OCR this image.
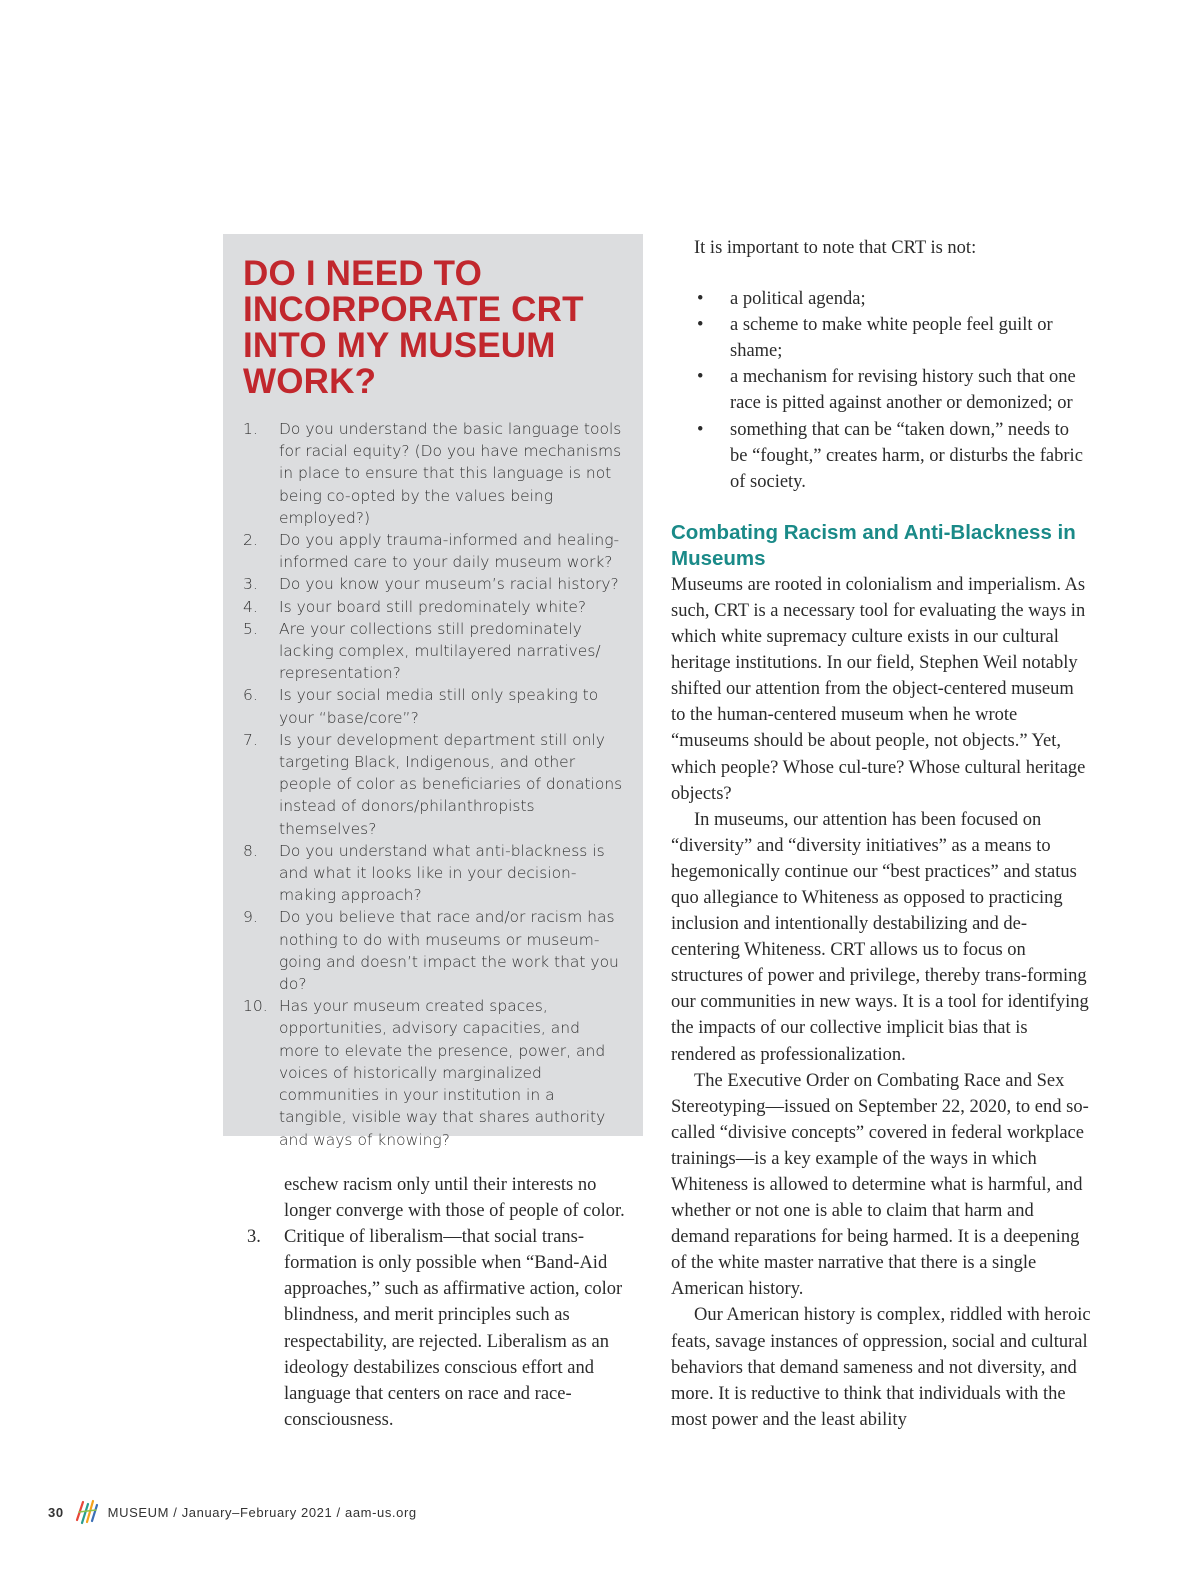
DO I NEED TO INCORPORATE CRT INTO MY MUSEUM WORK?
1. Do you understand the basic language tools for racial equity? (Do you have mechanisms in place to ensure that this language is not being co-opted by the values being employed?)
2. Do you apply trauma-informed and healing-informed care to your daily museum work?
3. Do you know your museum’s racial history?
4. Is your board still predominately white?
5. Are your collections still predominately lacking complex, multilayered narratives/ representation?
6. Is your social media still only speaking to your “base/core”?
7. Is your development department still only targeting Black, Indigenous, and other people of color as beneficiaries of donations instead of donors/philanthropists themselves?
8. Do you understand what anti-blackness is and what it looks like in your decision-making approach?
9. Do you believe that race and/or racism has nothing to do with museums or museum-going and doesn’t impact the work that you do?
10. Has your museum created spaces, opportunities, advisory capacities, and more to elevate the presence, power, and voices of historically marginalized communities in your institution in a tangible, visible way that shares authority and ways of knowing?

eschew racism only until their interests no longer converge with those of people of color.

3. Critique of liberalism—that social trans-formation is only possible when “Band-Aid approaches,” such as affirmative action, color blindness, and merit principles such as respectability, are rejected. Liberalism as an ideology destabilizes conscious effort and language that centers on race and race-consciousness.

It is important to note that CRT is not:

• a political agenda;
• a scheme to make white people feel guilt or shame;
• a mechanism for revising history such that one race is pitted against another or demonized; or
• something that can be “taken down,” needs to be “fought,” creates harm, or disturbs the fabric of society.
Combating Racism and Anti-Blackness in Museums

Museums are rooted in colonialism and imperialism. As such, CRT is a necessary tool for evaluating the ways in which white supremacy culture exists in our cultural heritage institutions. In our field, Stephen Weil notably shifted our attention from the object-centered museum to the human-centered museum when he wrote “museums should be about people, not objects.” Yet, which people? Whose cul-ture? Whose cultural heritage objects?

In museums, our attention has been focused on “diversity” and “diversity initiatives” as a means to hegemonically continue our “best practices” and status quo allegiance to Whiteness as opposed to practicing inclusion and intentionally destabilizing and de-centering Whiteness. CRT allows us to focus on structures of power and privilege, thereby trans-forming our communities in new ways. It is a tool for identifying the impacts of our collective implicit bias that is rendered as professionalization.

The Executive Order on Combating Race and Sex Stereotyping—issued on September 22, 2020, to end so-called “divisive concepts” covered in federal workplace trainings—is a key example of the ways in which Whiteness is allowed to determine what is harmful, and whether or not one is able to claim that harm and demand reparations for being harmed. It is a deepening of the white master narrative that there is a single American history.

Our American history is complex, riddled with heroic feats, savage instances of oppression, social and cultural behaviors that demand sameness and not diversity, and more. It is reductive to think that individuals with the most power and the least ability

30	MUSEUM / January–February 2021 / aam-us.org
